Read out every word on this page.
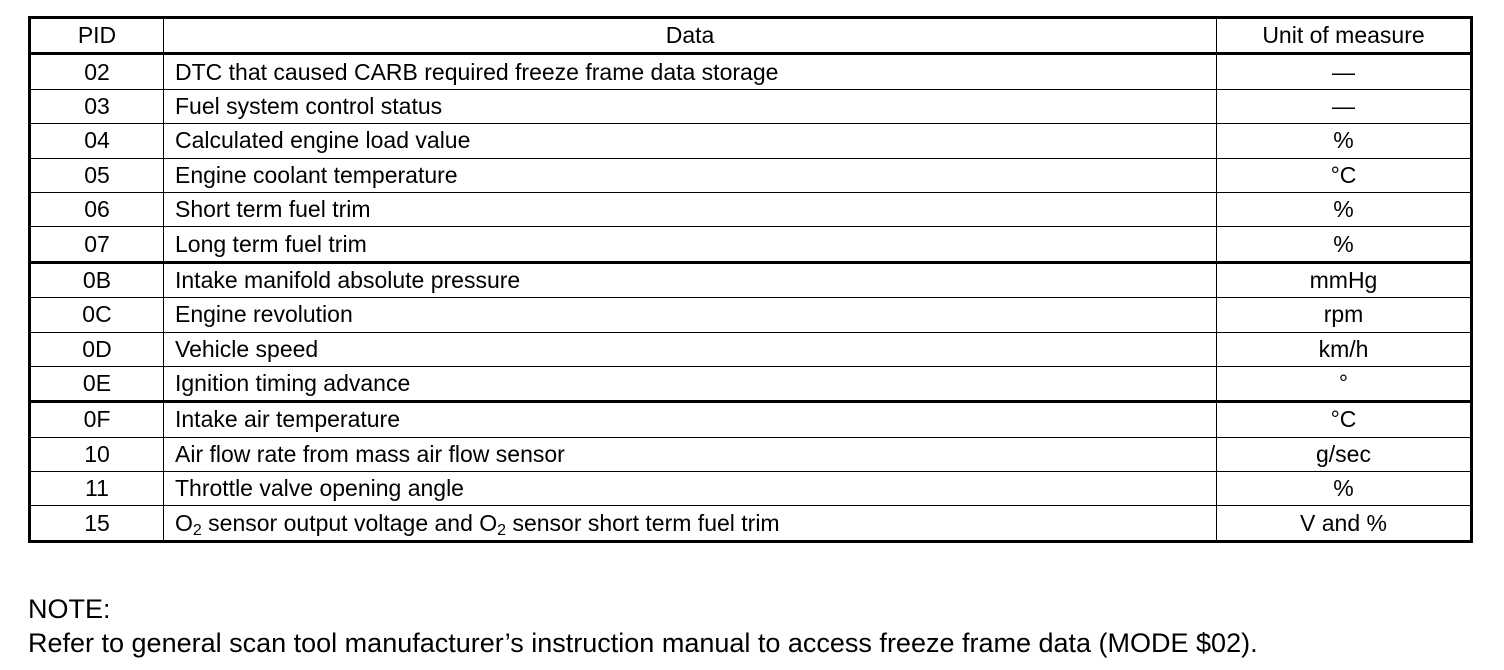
PID	Data	Unit of measure
02	DTC that caused CARB required freeze frame data storage	—
03	Fuel system control status	—
04	Calculated engine load value	%
05	Engine coolant temperature	°C
06	Short term fuel trim	%
07	Long term fuel trim	%
0B	Intake manifold absolute pressure	mmHg
0C	Engine revolution	rpm
0D	Vehicle speed	km/h
0E	Ignition timing advance	°
0F	Intake air temperature	°C
10	Air flow rate from mass air flow sensor	g/sec
11	Throttle valve opening angle	%
15	$O_2$ sensor output voltage and $O_2$ sensor short term fuel trim	V and %
NOTE:
Refer to general scan tool manufacturer’s instruction manual to access freeze frame data (MODE $02).
